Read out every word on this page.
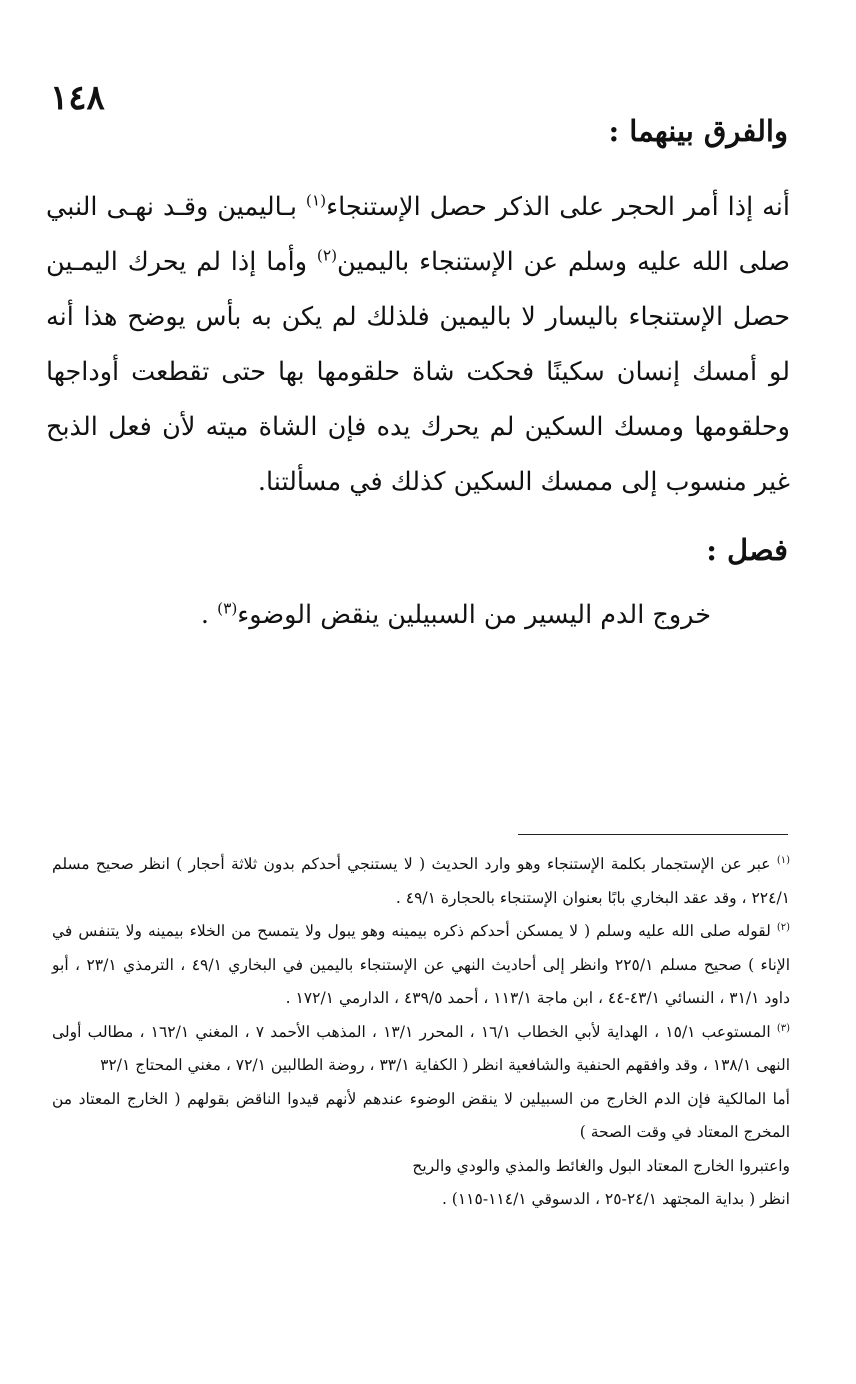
١٤٨
والفرق بينهما :

أنه إذا أمر الحجر على الذكر حصل الإستنجاء$^{(١)}$ بـاليمين وقـد نهـى النبي صلى الله عليه وسلم عن الإستنجاء باليمين$^{(٢)}$ وأما إذا لم يحرك اليمـين حصل الإستنجاء باليسار لا باليمين فلذلك لم يكن به بأس يوضح هذا أنه لو أمسك إنسان سكينًا فحكت شاة حلقومها بها حتى تقطعت أوداجها وحلقومها ومسك السكين لم يحرك يده فإن الشاة ميته لأن فعل الذبح غير منسوب إلى ممسك السكين كذلك في مسألتنا.

فصل :
خروج الدم اليسير من السبيلين ينقض الوضوء$^{(٣)}$ .

$^{(١)}$ عبر عن الإستجمار بكلمة الإستنجاء وهو وارد الحديث ( لا يستنجي أحدكم بدون ثلاثة أحجار ) انظر صحيح مسلم ٢٢٤/١ ، وقد عقد البخاري بابًا بعنوان الإستنجاء بالحجارة ٤٩/١ .

$^{(٢)}$ لقوله صلى الله عليه وسلم ( لا يمسكن أحدكم ذكره بيمينه وهو يبول ولا يتمسح من الخلاء بيمينه ولا يتنفس في الإناء ) صحيح مسلم ٢٢٥/١ وانظر إلى أحاديث النهي عن الإستنجاء باليمين في البخاري ٤٩/١ ، الترمذي ٢٣/١ ، أبو داود ٣١/١ ، النسائي ٤٣/١-٤٤ ، ابن ماجة ١١٣/١ ، أحمد ٤٣٩/٥ ، الدارمي ١٧٢/١ .

$^{(٣)}$ المستوعب ١٥/١ ، الهداية لأبي الخطاب ١٦/١ ، المحرر ١٣/١ ، المذهب الأحمد ٧ ، المغني ١٦٢/١ ، مطالب أولى النهى ١٣٨/١ ، وقد وافقهم الحنفية والشافعية انظر ( الكفاية ٣٣/١ ، روضة الطالبين ٧٢/١ ، مغني المحتاج ٣٢/١

أما المالكية فإن الدم الخارج من السبيلين لا ينقض الوضوء عندهم لأنهم قيدوا الناقض بقولهم ( الخارج المعتاد من المخرج المعتاد في وقت الصحة )

واعتبروا الخارج المعتاد البول والغائط والمذي والودي والريح

انظر ( بداية المجتهد ٢٤/١-٢٥ ، الدسوقي ١١٤/١-١١٥) .
